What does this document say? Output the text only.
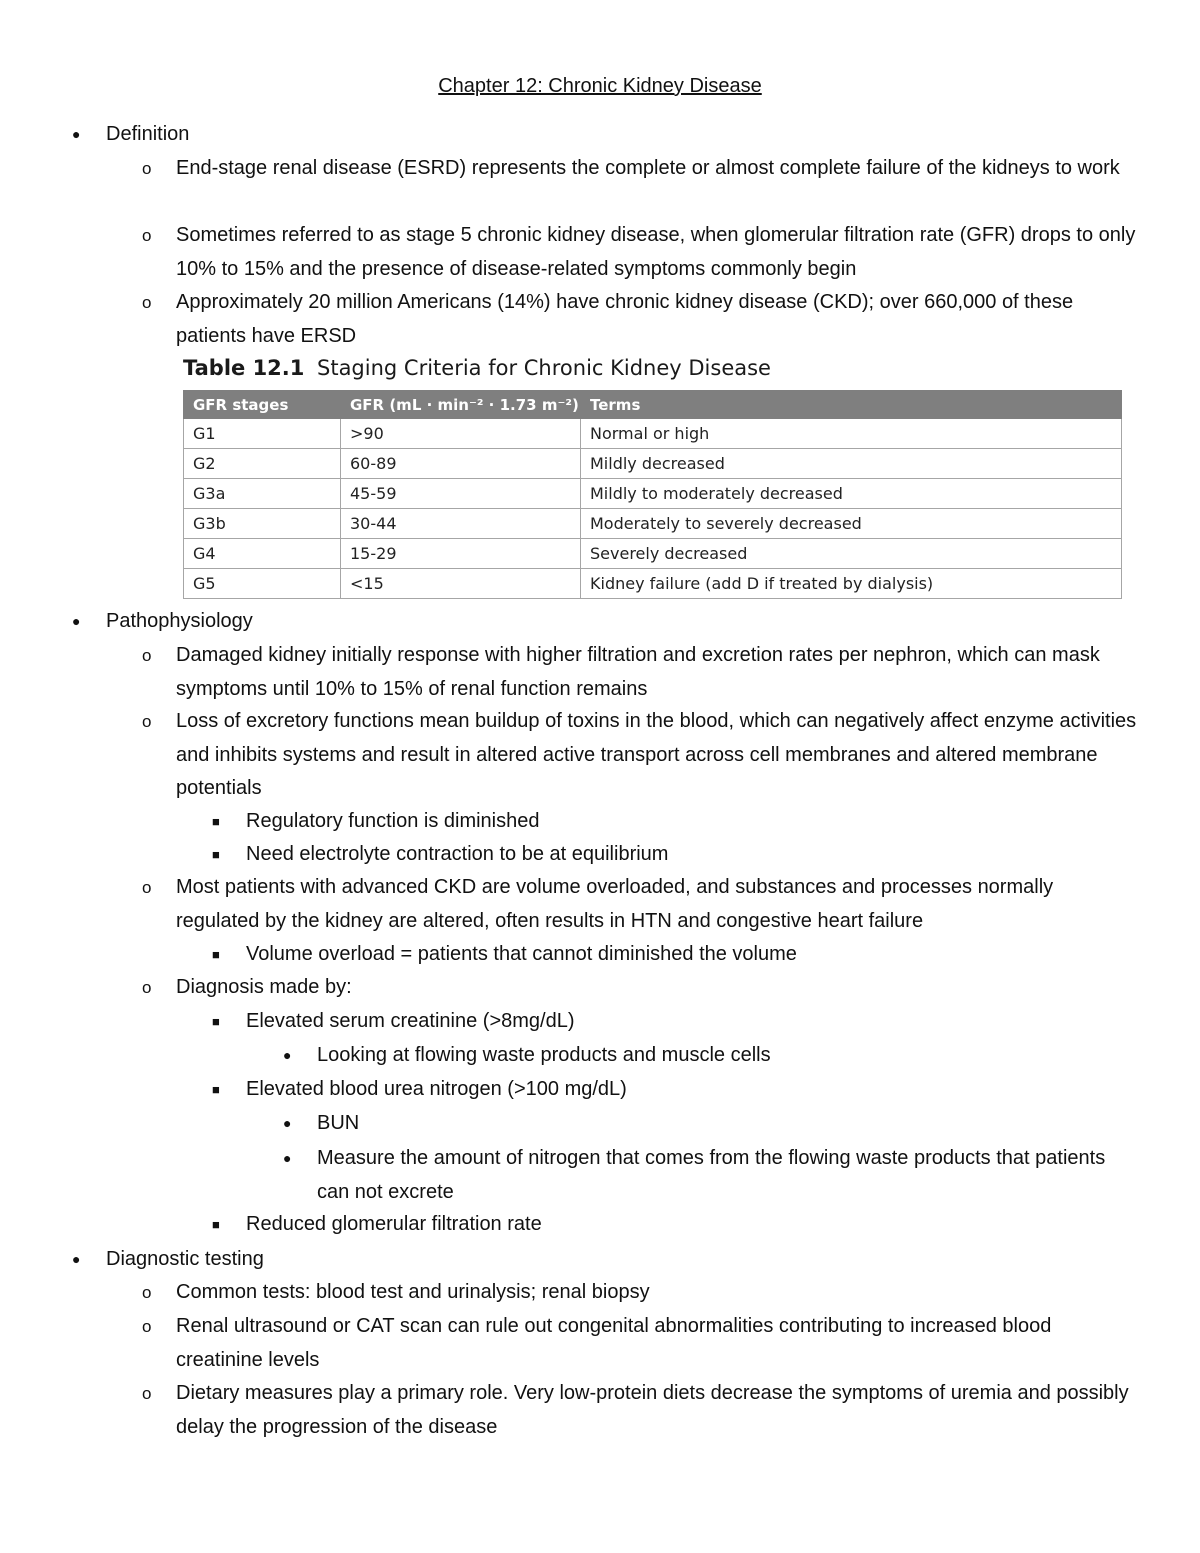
Chapter 12: Chronic Kidney Disease
● Definition
o End-stage renal disease (ESRD) represents the complete or almost complete failure of the kidneys to work
o Sometimes referred to as stage 5 chronic kidney disease, when glomerular filtration rate (GFR) drops to only 10% to 15% and the presence of disease-related symptoms commonly begin
o Approximately 20 million Americans (14%) have chronic kidney disease (CKD); over 660,000 of these patients have ERSD
Table 12.1 Staging Criteria for Chronic Kidney Disease
GFR stages	GFR (mL · min⁻² · 1.73 m⁻²)	Terms
G1	>90	Normal or high
G2	60-89	Mildly decreased
G3a	45-59	Mildly to moderately decreased
G3b	30-44	Moderately to severely decreased
G4	15-29	Severely decreased
G5	<15	Kidney failure (add D if treated by dialysis)
● Pathophysiology
o Damaged kidney initially response with higher filtration and excretion rates per nephron, which can mask symptoms until 10% to 15% of renal function remains
o Loss of excretory functions mean buildup of toxins in the blood, which can negatively affect enzyme activities and inhibits systems and result in altered active transport across cell membranes and altered membrane potentials
■ Regulatory function is diminished
■ Need electrolyte contraction to be at equilibrium
o Most patients with advanced CKD are volume overloaded, and substances and processes normally regulated by the kidney are altered, often results in HTN and congestive heart failure
■ Volume overload = patients that cannot diminished the volume
o Diagnosis made by:
■ Elevated serum creatinine (>8mg/dL)
● Looking at flowing waste products and muscle cells
■ Elevated blood urea nitrogen (>100 mg/dL)
● BUN
● Measure the amount of nitrogen that comes from the flowing waste products that patients can not excrete
■ Reduced glomerular filtration rate
● Diagnostic testing
o Common tests: blood test and urinalysis; renal biopsy
o Renal ultrasound or CAT scan can rule out congenital abnormalities contributing to increased blood creatinine levels
o Dietary measures play a primary role. Very low-protein diets decrease the symptoms of uremia and possibly delay the progression of the disease
